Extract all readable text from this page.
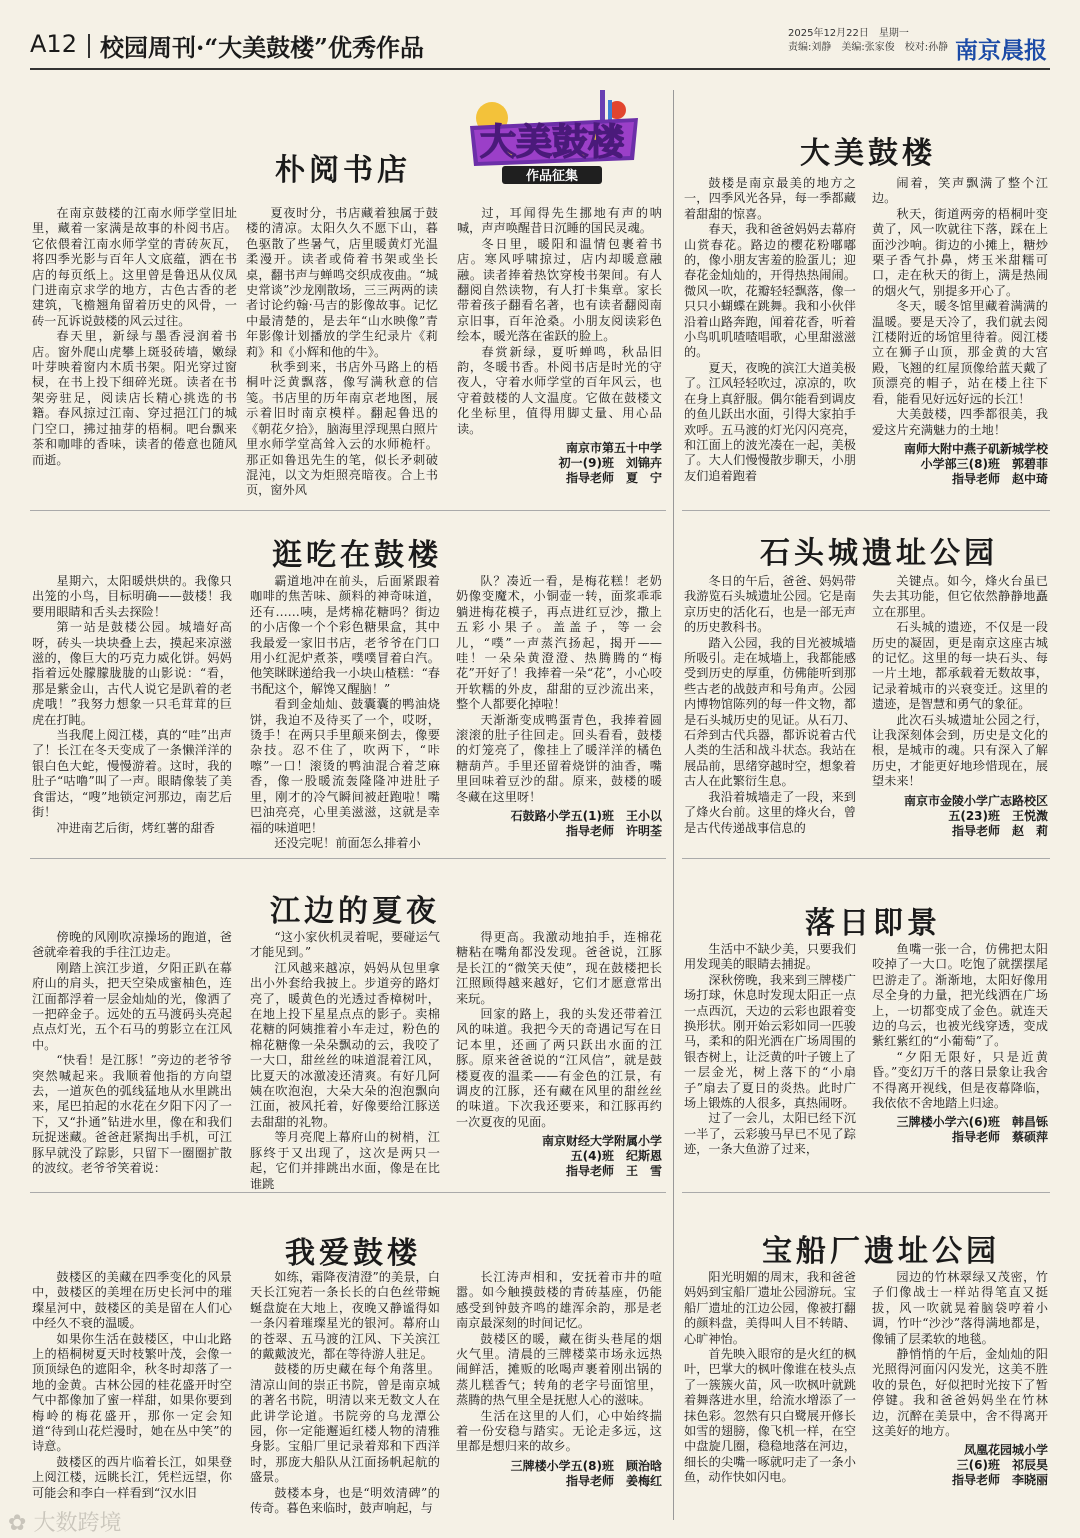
A12 校园周刊·“大美鼓楼”优秀作品	2025年12月22日　星期一
责编:刘静　美编:张家俊　校对:孙静 南京晨报
大美鼓楼
作品征集
朴阅书店

在南京鼓楼的江南水师学堂旧址里，藏着一家满是故事的朴阅书店。它依偎着江南水师学堂的青砖灰瓦，将四季光影与百年人文底蕴，洒在书店的每页纸上。这里曾是鲁迅从仪凤门进南京求学的地方，古色古香的老建筑，飞檐翘角留着历史的风骨，一砖一瓦诉说鼓楼的风云过往。

春天里，新绿与墨香浸润着书店。窗外爬山虎攀上斑驳砖墙，嫩绿叶芽映着窗内木质书架。阳光穿过窗棂，在书上投下细碎光斑。读者在书架旁驻足，阅读店长精心挑选的书籍。春风掠过江南、穿过挹江门的城门空口，拂过抽芽的梧桐。吧台飘来茶和咖啡的香味，读者的倦意也随风而逝。

夏夜时分，书店藏着独属于鼓楼的清凉。太阳久久不愿下山，暮色驱散了些暑气，店里暖黄灯光温柔漫开。读者或倚着书架或坐长桌，翻书声与蝉鸣交织成夜曲。“城史常谈”沙龙刚散场，三三两两的读者讨论约翰·马吉的影像故事。记忆中最清楚的，是去年“山水映像”青年影像计划播放的学生纪录片《莉莉》和《小辉和他的牛》。

秋季到来，书店外马路上的梧桐叶泛黄飘落，像写满秋意的信笺。书店里的历年南京老地图，展示着旧时南京模样。翻起鲁迅的《朝花夕拾》，脑海里浮现黑白照片里水师学堂高耸入云的水师桅杆。那正如鲁迅先生的笔，似长矛刺破混沌，以文为炬照亮暗夜。合上书页，窗外风

过，耳闻得先生挪地有声的呐喊，声声唤醒昔日沉睡的国民灵魂。

冬日里，暖阳和温情包裹着书店。寒风呼啸掠过，店内却暖意融融。读者捧着热饮穿梭书架间。有人翻阅自然读物，有人打卡集章。家长带着孩子翻看名著，也有读者翻阅南京旧事，百年沧桑。小朋友阅读彩色绘本，暖光落在雀跃的脸上。

春赏新绿，夏听蝉鸣，秋品旧韵，冬暖书香。朴阅书店是时光的守夜人，守着水师学堂的百年风云，也守着鼓楼的人文温度。它做在鼓楼文化坐标里，值得用脚丈量、用心品读。

南京市第五十中学
初一(9)班　刘锦卉
指导老师　夏　宁
大美鼓楼

鼓楼是南京最美的地方之一，四季风光各异，每一季都藏着甜甜的惊喜。

春天，我和爸爸妈妈去幕府山赏春花。路边的樱花粉嘟嘟的，像小朋友害羞的脸蛋儿；迎春花金灿灿的，开得热热闹闹。微风一吹，花瓣轻轻飘落，像一只只小蝴蝶在跳舞。我和小伙伴沿着山路奔跑，闻着花香，听着小鸟叽叽喳喳唱歌，心里甜滋滋的。

夏天，夜晚的滨江大道美极了。江风轻轻吹过，凉凉的，吹在身上真舒服。偶尔能看到调皮的鱼儿跃出水面，引得大家拍手欢呼。五马渡的灯光闪闪亮亮，和江面上的波光凑在一起，美极了。大人们慢慢散步聊天，小朋友们追着跑着

闹着，笑声飘满了整个江边。

秋天，街道两旁的梧桐叶变黄了，风一吹就往下落，踩在上面沙沙响。街边的小摊上，糖炒栗子香气扑鼻，烤玉米甜糯可口，走在秋天的街上，满是热闹的烟火气，别提多开心了。

冬天，暖冬馆里藏着满满的温暖。要是天冷了，我们就去阅江楼附近的场馆里待着。阅江楼立在狮子山顶，那金黄的大宫殿，飞翘的红屋顶像给蓝天戴了顶漂亮的帽子，站在楼上往下看，能看见好远好远的长江！

大美鼓楼，四季都很美，我爱这片充满魅力的土地！

南师大附中燕子矶新城学校
小学部三(8)班　郭碧菲
指导老师　赵中琦
逛吃在鼓楼

星期六，太阳暖烘烘的。我像只出笼的小鸟，目标明确——鼓楼！我要用眼睛和舌头去探险！

第一站是鼓楼公园。城墙好高呀，砖头一块块叠上去，摸起来凉滋滋的，像巨大的巧克力威化饼。妈妈指着远处朦朦胧胧的山影说：“看，那是紫金山，古代人说它是趴着的老虎哦！”我努力想象一只毛茸茸的巨虎在打盹。

当我爬上阅江楼，真的“哇”出声了！长江在冬天变成了一条懒洋洋的银白色大蛇，慢慢游着。这时，我的肚子“咕噜”叫了一声。眼睛像装了美食雷达，“嗖”地锁定河那边，南艺后街！

冲进南艺后街，烤红薯的甜香

霸道地冲在前头，后面紧跟着咖啡的焦苦味、颜料的神奇味道，还有……咦，是烤棉花糖吗？街边的小店像一个个彩色糖果盒，其中我最爱一家旧书店，老爷爷在门口用小红泥炉煮茶，噗噗冒着白汽。他笑眯眯递给我一小块山楂糕：“春书配这个，解馋又醒脑！”

看到金灿灿、鼓囊囊的鸭油烧饼，我迫不及待买了一个，哎呀，烫手！在两只手里颠来倒去，像要杂技。忍不住了，吹两下，“咔嚓”一口！滚烫的鸭油混合着芝麻香，像一股暖流轰隆隆冲进肚子里，刚才的冷气瞬间被赶跑啦！嘴巴油亮亮，心里美滋滋，这就是幸福的味道吧！

还没完呢！前面怎么排着小

队？凑近一看，是梅花糕！老奶奶像变魔术，小铜壶一转，面浆乖乖躺进梅花模子，再点进红豆沙，撒上五彩小果子。盖盖子，等一会儿，“噗”一声蒸汽扬起，揭开——哇！一朵朵黄澄澄、热腾腾的“梅花”开好了！我捧着一朵“花”，小心咬开软糯的外皮，甜甜的豆沙流出来，整个人都要化掉啦！

天渐渐变成鸭蛋青色，我捧着圆滚滚的肚子往回走。回头看看，鼓楼的灯笼亮了，像挂上了暖洋洋的橘色糖葫芦。手里还留着烧饼的油香，嘴里回味着豆沙的甜。原来，鼓楼的暖冬藏在这里呀！

石鼓路小学五(1)班　王小以
指导老师　许明荃
石头城遗址公园

冬日的午后，爸爸、妈妈带我游览石头城遗址公园。它是南京历史的活化石，也是一部无声的历史教科书。

踏入公园，我的目光被城墙所吸引。走在城墙上，我都能感受到历史的厚重，仿佛能听到那些古老的战鼓声和号角声。公园内博物馆陈列的每一件文物，都是石头城历史的见证。从石刀、石斧到古代兵器，都诉说着古代人类的生活和战斗状态。我站在展品前，思绪穿越时空，想象着古人在此繁衍生息。

我沿着城墙走了一段，来到了烽火台前。这里的烽火台，曾是古代传递战事信息的

关键点。如今，烽火台虽已失去其功能，但它依然静静地矗立在那里。

石头城的遗迹，不仅是一段历史的凝固，更是南京这座古城的记忆。这里的每一块石头、每一片土地，都承载着无数故事，记录着城市的兴衰变迁。这里的遗迹，是智慧和勇气的象征。

此次石头城遗址公园之行，让我深刻体会到，历史是文化的根，是城市的魂。只有深入了解历史，才能更好地珍惜现在，展望未来！

南京市金陵小学广志路校区
五(23)班　王悦溦
指导老师　赵　莉
江边的夏夜

傍晚的风刚吹凉操场的跑道，爸爸就牵着我的手往江边走。

刚踏上滨江步道，夕阳正趴在幕府山的肩头，把天空染成蜜柚色，连江面都浮着一层金灿灿的光，像洒了一把碎金子。远处的五马渡码头亮起点点灯光，五个石马的剪影立在江风中。

“快看！是江豚！”旁边的老爷爷突然喊起来。我顺着他指的方向望去，一道灰色的弧线猛地从水里跳出来，尾巴拍起的水花在夕阳下闪了一下，又“扑通”钻进水里，像在和我们玩捉迷藏。爸爸赶紧掏出手机，可江豚早就没了踪影，只留下一圈圈扩散的波纹。老爷爷笑着说：

“这小家伙机灵着呢，要碰运气才能见到。”

江风越来越凉，妈妈从包里拿出小外套给我披上。步道旁的路灯亮了，暖黄色的光透过香樟树叶，在地上投下星星点点的影子。卖棉花糖的阿姨推着小车走过，粉色的棉花糖像一朵朵飘动的云，我咬了一大口，甜丝丝的味道混着江风，比夏天的冰激凌还清爽。有好几阿姨在吹泡泡，大朵大朵的泡泡飘向江面，被风托着，好像要给江豚送去甜甜的礼物。

等月亮爬上幕府山的树梢，江豚终于又出现了，这次是两只一起，它们并排跳出水面，像是在比谁跳

得更高。我激动地拍手，连棉花糖粘在嘴角都没发现。爸爸说，江豚是长江的“微笑天使”，现在鼓楼把长江照顾得越来越好，它们才愿意常出来玩。

回家的路上，我的头发还带着江风的味道。我把今天的奇遇记写在日记本里，还画了两只跃出水面的江豚。原来爸爸说的“江风信”，就是鼓楼夏夜的温柔——有金色的江景，有调皮的江豚，还有藏在风里的甜丝丝的味道。下次我还要来，和江豚再约一次夏夜的见面。

南京财经大学附属小学
五(4)班　纪斯恩
指导老师　王　雪
落日即景

生活中不缺少美，只要我们用发现美的眼睛去捕捉。

深秋傍晚，我来到三牌楼广场打球，休息时发现太阳正一点一点西沉，天边的云彩也跟着变换形状。刚开始云彩如同一匹骏马，柔和的阳光洒在广场周围的银杏树上，让泛黄的叶子镀上了一层金光，树上落下的“小扇子”扇去了夏日的炎热。此时广场上锻炼的人很多，真热闹呀。

过了一会儿，太阳已经下沉一半了，云彩骏马早已不见了踪迹，一条大鱼游了过来，

鱼嘴一张一合，仿佛把太阳咬掉了一大口。吃饱了就摆摆尾巴游走了。渐渐地，太阳好像用尽全身的力量，把光线洒在广场上，一切都变成了金色。就连天边的乌云，也被光线穿透，变成紫红紫红的“小葡萄”了。

“夕阳无限好，只是近黄昏。”变幻万千的落日景象让我舍不得离开视线，但是夜幕降临，我依依不舍地踏上归途。

三牌楼小学六(6)班　韩昌铄
指导老师　蔡硕萍
我爱鼓楼

鼓楼区的美藏在四季变化的风景中，鼓楼区的美埋在历史长河中的璀璨星河中，鼓楼区的美是留在人们心中经久不衰的温暖。

如果你生活在鼓楼区，中山北路上的梧桐树夏天时枝繁叶茂，会像一顶顶绿色的遮阳伞，秋冬时却落了一地的金黄。古林公园的桂花盛开时空气中都像加了蜜一样甜，如果你要到梅岭的梅花盛开，那你一定会知道“待到山花烂漫时，她在丛中笑”的诗意。

鼓楼区的西片临着长江，如果登上阅江楼，远眺长江，凭栏远望，你可能会和李白一样看到“汉水旧

如练，霜降夜清澄”的美景，白天长江宛若一条长长的白色丝带蜿蜒盘旋在大地上，夜晚又静谧得如一条闪着璀璨星光的银河。幕府山的苍翠、五马渡的江风、下关滨江的戴戴波光，都在等待游人驻足。

鼓楼的历史藏在每个角落里。清凉山间的崇正书院，曾是南京城的著名书院，明清以来无数文人在此讲学论道。书院旁的乌龙潭公园，你一定能邂逅红楼人物的清雅身影。宝船厂里记录着郑和下西洋时，那庞大船队从江面扬帆起航的盛景。

鼓楼本身，也是“明效清碑”的传奇。暮色来临时，鼓声响起，与

长江涛声相和，安抚着市井的喧嚣。如今触摸鼓楼的青砖基座，仍能感受到钟鼓齐鸣的雄浑余韵，那是老南京最深刻的时间记忆。

鼓楼区的暖，藏在街头巷尾的烟火气里。清晨的三牌楼菜市场永远热闹鲜活，摊贩的吆喝声裹着刚出锅的蒸儿糕香气；转角的老字号面馆里，蒸腾的热气里全是抚慰人心的滋味。

生活在这里的人们，心中始终揣着一份安稳与踏实。无论走多远，这里都是想归来的故乡。

三牌楼小学五(8)班　顾治晗
指导老师　姜梅红
宝船厂遗址公园

阳光明媚的周末，我和爸爸妈妈到宝船厂遗址公园游玩。宝船厂遗址的江边公园，像被打翻的颜料盘，美得叫人目不转睛、心旷神怡。

首先映入眼帘的是火红的枫叶，巴掌大的枫叶像谁在枝头点了一簇簇火苗，风一吹枫叶就跳着舞落进水里，给流水增添了一抹色彩。忽然有只白鹭展开修长如雪的翅膀，像飞机一样，在空中盘旋几圈，稳稳地落在河边，细长的尖嘴一啄就叼走了一条小鱼，动作快如闪电。

园边的竹林翠绿又茂密，竹子们像战士一样站得笔直又挺拔，风一吹就晃着脑袋哼着小调，竹叶“沙沙”落得满地都是，像铺了层柔软的地毯。

静悄悄的午后，金灿灿的阳光照得河面闪闪发光，这美不胜收的景色，好似把时光按下了暂停键。我和爸爸妈妈坐在竹林边，沉醉在美景中，舍不得离开这美好的地方。

凤凰花园城小学
三(6)班　祁辰昊
指导老师　李晓丽
✿ 大数跨境
